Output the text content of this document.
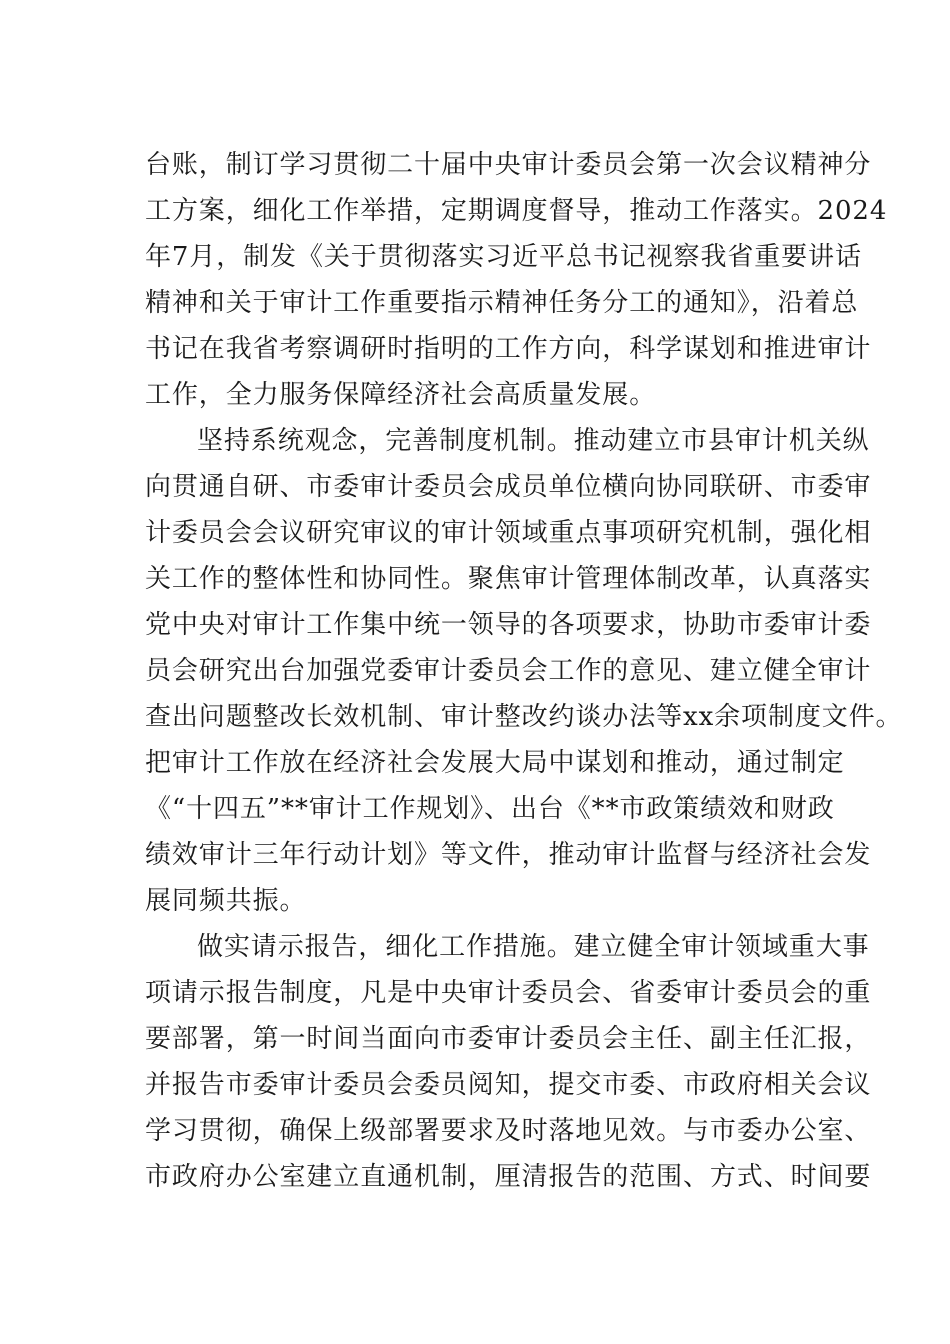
台账，制订学习贯彻二十届中央审计委员会第一次会议精神分
工方案，细化工作举措，定期调度督导，推动工作落实。2024
年7月，制发《关于贯彻落实习近平总书记视察我省重要讲话
精神和关于审计工作重要指示精神任务分工的通知》，沿着总
书记在我省考察调研时指明的工作方向，科学谋划和推进审计
工作，全力服务保障经济社会高质量发展。
坚持系统观念，完善制度机制。推动建立市县审计机关纵
向贯通自研、市委审计委员会成员单位横向协同联研、市委审
计委员会会议研究审议的审计领域重点事项研究机制，强化相
关工作的整体性和协同性。聚焦审计管理体制改革，认真落实
党中央对审计工作集中统一领导的各项要求，协助市委审计委
员会研究出台加强党委审计委员会工作的意见、建立健全审计
查出问题整改长效机制、审计整改约谈办法等xx余项制度文件。
把审计工作放在经济社会发展大局中谋划和推动，通过制定
《“十四五”**审计工作规划》、出台《**市政策绩效和财政
绩效审计三年行动计划》等文件，推动审计监督与经济社会发
展同频共振。
做实请示报告，细化工作措施。建立健全审计领域重大事
项请示报告制度，凡是中央审计委员会、省委审计委员会的重
要部署，第一时间当面向市委审计委员会主任、副主任汇报，
并报告市委审计委员会委员阅知，提交市委、市政府相关会议
学习贯彻，确保上级部署要求及时落地见效。与市委办公室、
市政府办公室建立直通机制，厘清报告的范围、方式、时间要
